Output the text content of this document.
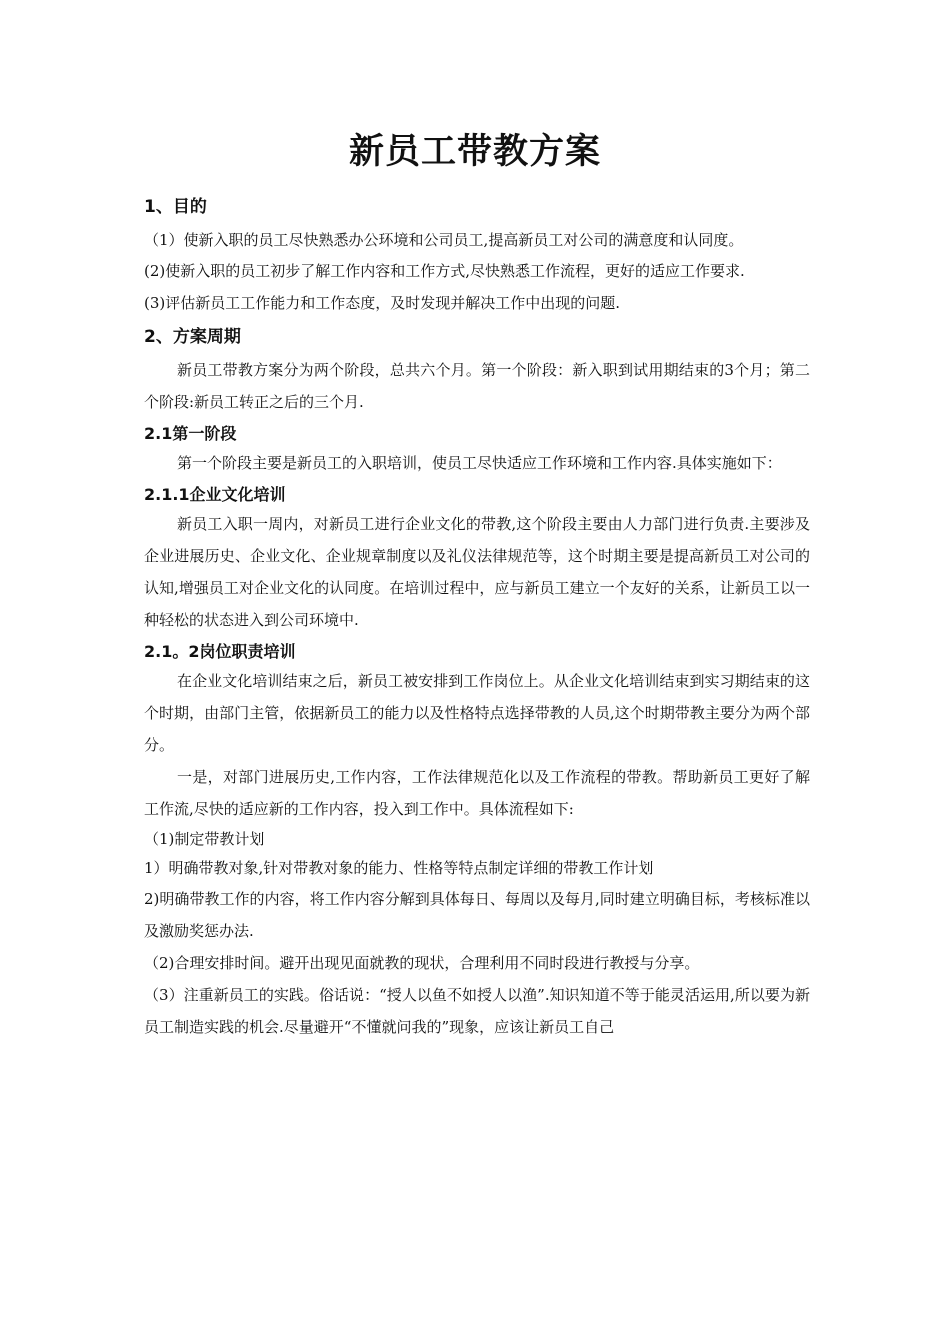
新员工带教方案
1、目的
（1）使新入职的员工尽快熟悉办公环境和公司员工,提高新员工对公司的满意度和认同度。
(2)使新入职的员工初步了解工作内容和工作方式,尽快熟悉工作流程，更好的适应工作要求.
(3)评估新员工工作能力和工作态度，及时发现并解决工作中出现的问题.
2、方案周期
新员工带教方案分为两个阶段，总共六个月。第一个阶段：新入职到试用期结束的3个月；第二个阶段:新员工转正之后的三个月.
2.1第一阶段
第一个阶段主要是新员工的入职培训，使员工尽快适应工作环境和工作内容.具体实施如下：
2.1.1企业文化培训
新员工入职一周内，对新员工进行企业文化的带教,这个阶段主要由人力部门进行负责.主要涉及企业进展历史、企业文化、企业规章制度以及礼仪法律规范等，这个时期主要是提高新员工对公司的认知,增强员工对企业文化的认同度。在培训过程中，应与新员工建立一个友好的关系，让新员工以一种轻松的状态进入到公司环境中.
2.1。2岗位职责培训
在企业文化培训结束之后，新员工被安排到工作岗位上。从企业文化培训结束到实习期结束的这个时期，由部门主管，依据新员工的能力以及性格特点选择带教的人员,这个时期带教主要分为两个部分。
一是，对部门进展历史,工作内容，工作法律规范化以及工作流程的带教。帮助新员工更好了解工作流,尽快的适应新的工作内容，投入到工作中。具体流程如下:
（1)制定带教计划
1）明确带教对象,针对带教对象的能力、性格等特点制定详细的带教工作计划
2)明确带教工作的内容，将工作内容分解到具体每日、每周以及每月,同时建立明确目标，考核标准以及激励奖惩办法.
（2)合理安排时间。避开出现见面就教的现状，合理利用不同时段进行教授与分享。
（3）注重新员工的实践。俗话说：“授人以鱼不如授人以渔”.知识知道不等于能灵活运用,所以要为新员工制造实践的机会.尽量避开“不懂就问我的”现象，应该让新员工自己
